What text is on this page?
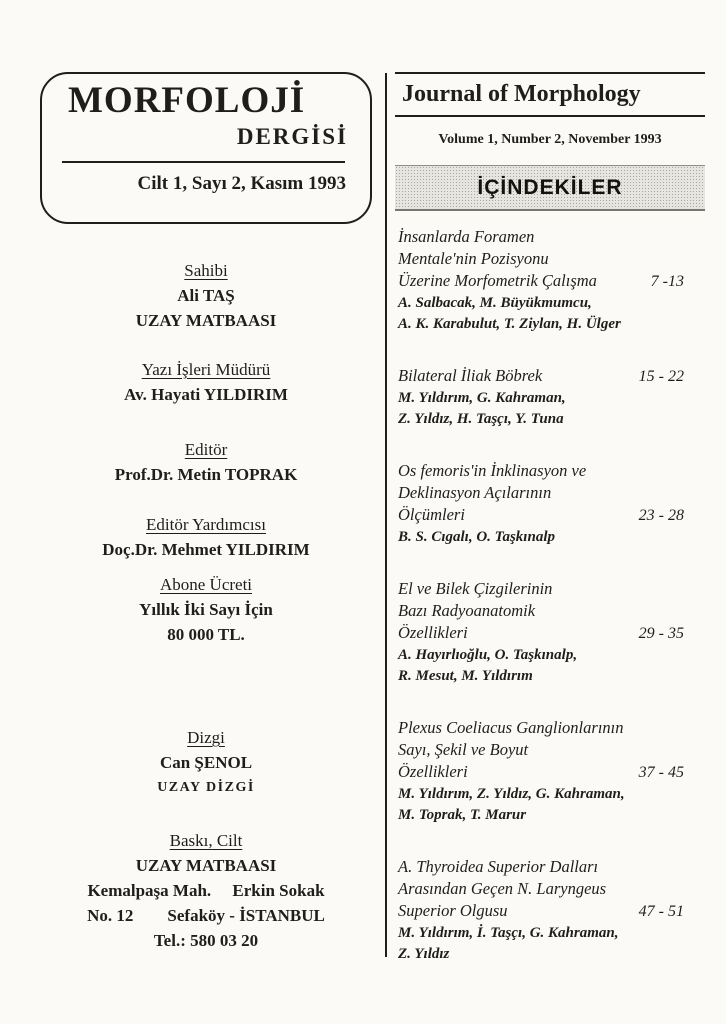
MORFOLOJİ
DERGİSİ
Cilt 1, Sayı 2, Kasım 1993
Journal of Morphology
Volume 1, Number 2, November 1993
İÇİNDEKİLER
Sahibi
Ali TAŞ
UZAY MATBAASI
Yazı İşleri Müdürü
Av. Hayati YILDIRIM
Editör
Prof.Dr. Metin TOPRAK
Editör Yardımcısı
Doç.Dr. Mehmet YILDIRIM
Abone Ücreti
Yıllık İki Sayı İçin
80 000 TL.
Dizgi
Can ŞENOL
UZAY DİZGİ
Baskı, Cilt
UZAY MATBAASI
Kemalpaşa Mah.     Erkin Sokak
No. 12        Sefaköy - İSTANBUL
Tel.: 580 03 20
İnsanlarda Foramen
Mentale'nin Pozisyonu
Üzerine Morfometrik Çalışma	7 -13
A. Salbacak, M. Büyükmumcu,
A. K. Karabulut, T. Ziylan, H. Ülger
Bilateral İliak Böbrek	15 - 22
M. Yıldırım, G. Kahraman,
Z. Yıldız, H. Taşçı, Y. Tuna
Os femoris'in İnklinasyon ve
Deklinasyon Açılarının
Ölçümleri	23 - 28
B. S. Cıgalı, O. Taşkınalp
El ve Bilek Çizgilerinin
Bazı Radyoanatomik
Özellikleri	29 - 35
A. Hayırlıoğlu, O. Taşkınalp,
R. Mesut, M. Yıldırım
Plexus Coeliacus Ganglionlarının
Sayı, Şekil ve Boyut
Özellikleri	37 - 45
M. Yıldırım, Z. Yıldız, G. Kahraman,
M. Toprak, T. Marur
A. Thyroidea Superior Dalları
Arasından Geçen N. Laryngeus
Superior Olgusu	47 - 51
M. Yıldırım, İ. Taşçı, G. Kahraman,
Z. Yıldız
